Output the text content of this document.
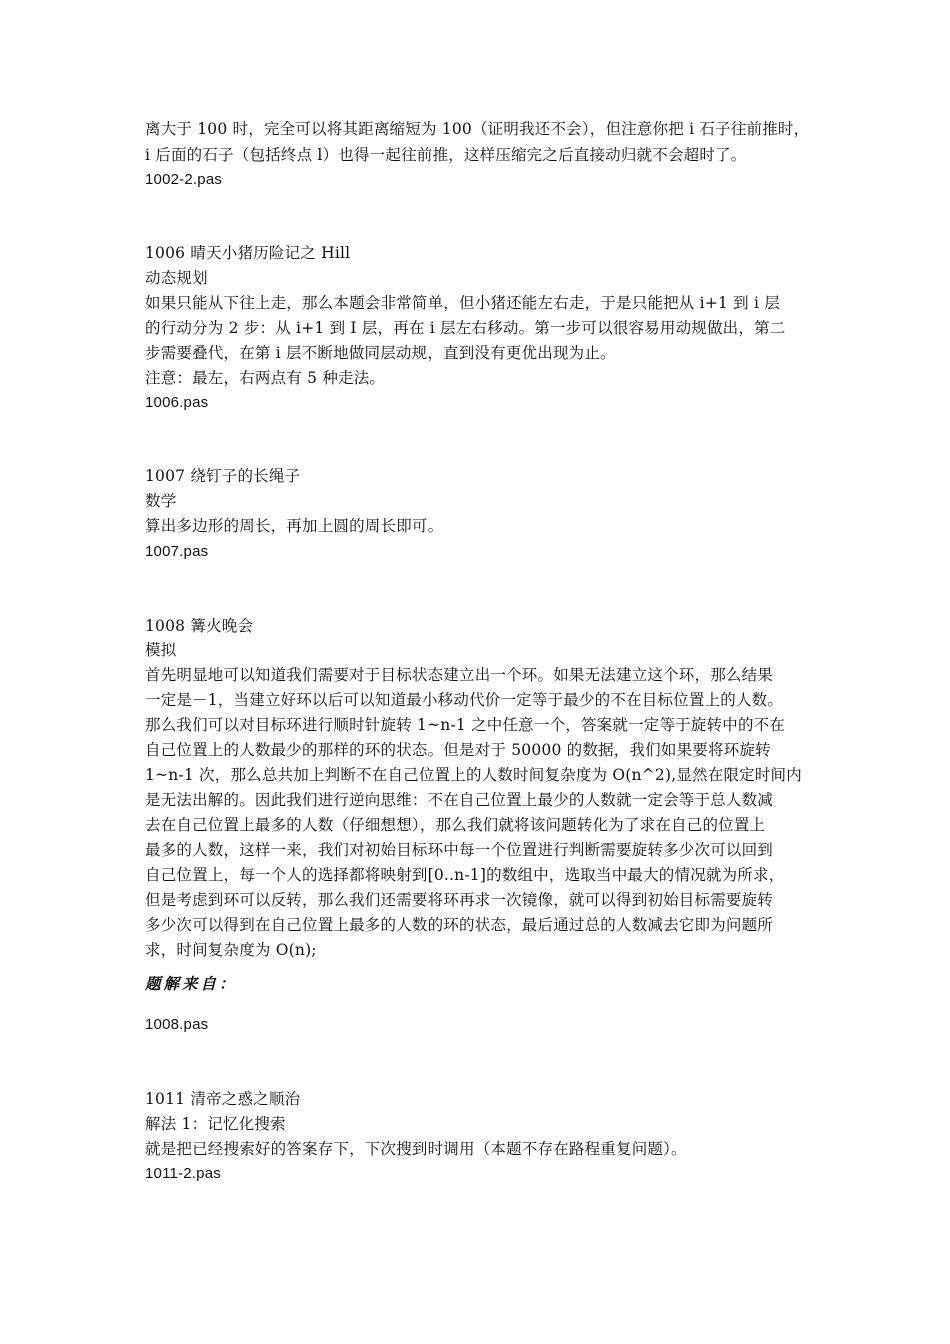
离大于 100 时，完全可以将其距离缩短为 100（证明我还不会），但注意你把 i 石子往前推时，
i 后面的石子（包括终点 l）也得一起往前推，这样压缩完之后直接动归就不会超时了。
1002-2.pas
1006 晴天小猪历险记之 Hill
动态规划
如果只能从下往上走，那么本题会非常简单，但小猪还能左右走，于是只能把从 i+1 到 i 层
的行动分为 2 步：从 i+1 到 I 层，再在 i 层左右移动。第一步可以很容易用动规做出，第二
步需要叠代，在第 i 层不断地做同层动规，直到没有更优出现为止。
注意：最左，右两点有 5 种走法。
1006.pas
1007 绕钉子的长绳子
数学
算出多边形的周长，再加上圆的周长即可。
1007.pas
1008 篝火晚会
模拟
首先明显地可以知道我们需要对于目标状态建立出一个环。如果无法建立这个环，那么结果
一定是－1，当建立好环以后可以知道最小移动代价一定等于最少的不在目标位置上的人数。
那么我们可以对目标环进行顺时针旋转 1~n-1 之中任意一个，答案就一定等于旋转中的不在
自己位置上的人数最少的那样的环的状态。但是对于 50000 的数据，我们如果要将环旋转
1~n-1 次，那么总共加上判断不在自己位置上的人数时间复杂度为 O(n^2),显然在限定时间内
是无法出解的。因此我们进行逆向思维：不在自己位置上最少的人数就一定会等于总人数减
去在自己位置上最多的人数（仔细想想），那么我们就将该问题转化为了求在自己的位置上
最多的人数，这样一来，我们对初始目标环中每一个位置进行判断需要旋转多少次可以回到
自己位置上，每一个人的选择都将映射到[0..n-1]的数组中，选取当中最大的情况就为所求，
但是考虑到环可以反转，那么我们还需要将环再求一次镜像，就可以得到初始目标需要旋转
多少次可以得到在自己位置上最多的人数的环的状态，最后通过总的人数减去它即为问题所
求，时间复杂度为 O(n);
题解来自：
1008.pas
1011 清帝之惑之顺治
解法 1：记忆化搜索
就是把已经搜索好的答案存下，下次搜到时调用（本题不存在路程重复问题）。
1011-2.pas
